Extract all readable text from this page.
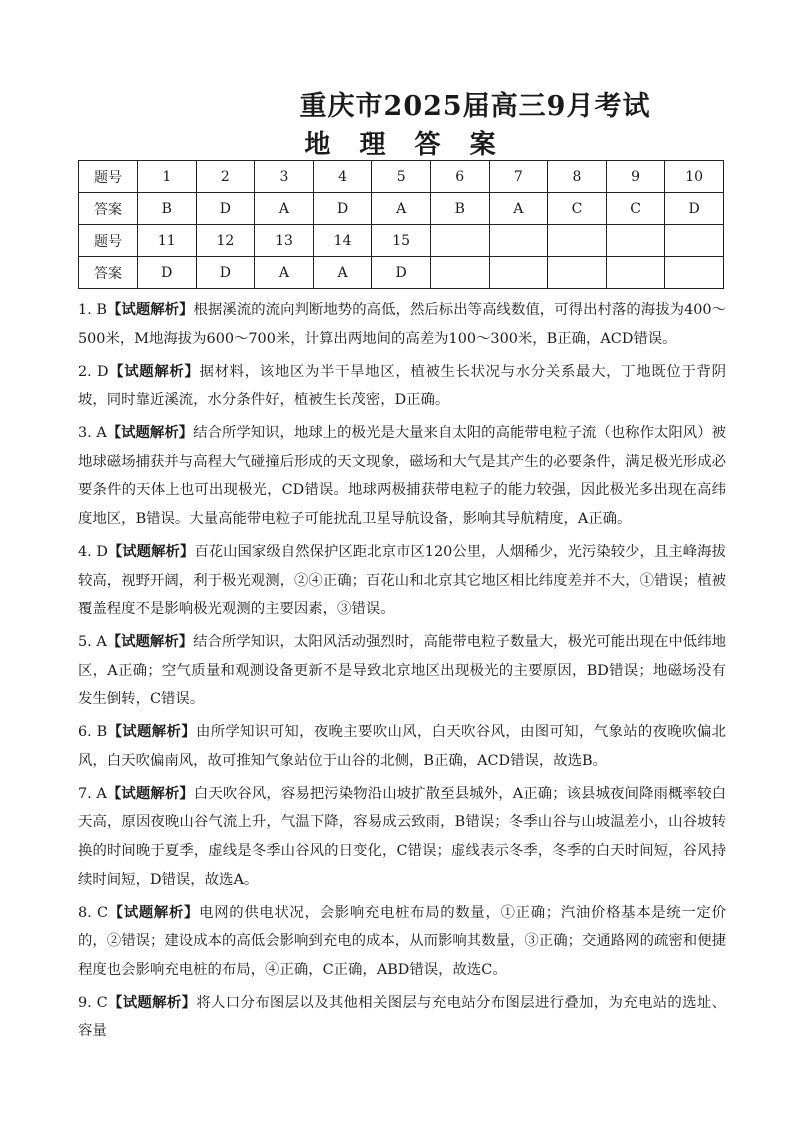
重庆市2025届高三9月考试
地 理 答 案
题号	1	2	3	4	5	6	7	8	9	10
答案	B	D	A	D	A	B	A	C	C	D
题号	11	12	13	14	15					
答案	D	D	A	A	D					

1. B【试题解析】根据溪流的流向判断地势的高低，然后标出等高线数值，可得出村落的海拔为400～500米，M地海拔为600～700米，计算出两地间的高差为100～300米，B正确，ACD错误。

2. D【试题解析】据材料，该地区为半干旱地区，植被生长状况与水分关系最大，丁地既位于背阴坡，同时靠近溪流，水分条件好，植被生长茂密，D正确。

3. A【试题解析】结合所学知识，地球上的极光是大量来自太阳的高能带电粒子流（也称作太阳风）被地球磁场捕获并与高程大气碰撞后形成的天文现象，磁场和大气是其产生的必要条件，满足极光形成必要条件的天体上也可出现极光，CD错误。地球两极捕获带电粒子的能力较强，因此极光多出现在高纬度地区，B错误。大量高能带电粒子可能扰乱卫星导航设备，影响其导航精度，A正确。

4. D【试题解析】百花山国家级自然保护区距北京市区120公里，人烟稀少，光污染较少，且主峰海拔较高，视野开阔，利于极光观测，②④正确；百花山和北京其它地区相比纬度差并不大，①错误；植被覆盖程度不是影响极光观测的主要因素，③错误。

5. A【试题解析】结合所学知识，太阳风活动强烈时，高能带电粒子数量大，极光可能出现在中低纬地区，A正确；空气质量和观测设备更新不是导致北京地区出现极光的主要原因，BD错误；地磁场没有发生倒转，C错误。

6. B【试题解析】由所学知识可知，夜晚主要吹山风，白天吹谷风，由图可知，气象站的夜晚吹偏北风，白天吹偏南风，故可推知气象站位于山谷的北侧，B正确，ACD错误，故选B。

7. A【试题解析】白天吹谷风，容易把污染物沿山坡扩散至县城外，A正确；该县城夜间降雨概率较白天高，原因夜晚山谷气流上升，气温下降，容易成云致雨，B错误；冬季山谷与山坡温差小，山谷坡转换的时间晚于夏季，虚线是冬季山谷风的日变化，C错误；虚线表示冬季，冬季的白天时间短，谷风持续时间短，D错误，故选A。

8. C【试题解析】电网的供电状况，会影响充电桩布局的数量，①正确；汽油价格基本是统一定价的，②错误；建设成本的高低会影响到充电的成本，从而影响其数量，③正确；交通路网的疏密和便捷程度也会影响充电桩的布局，④正确，C正确，ABD错误，故选C。

9. C【试题解析】将人口分布图层以及其他相关图层与充电站分布图层进行叠加，为充电站的选址、容量
